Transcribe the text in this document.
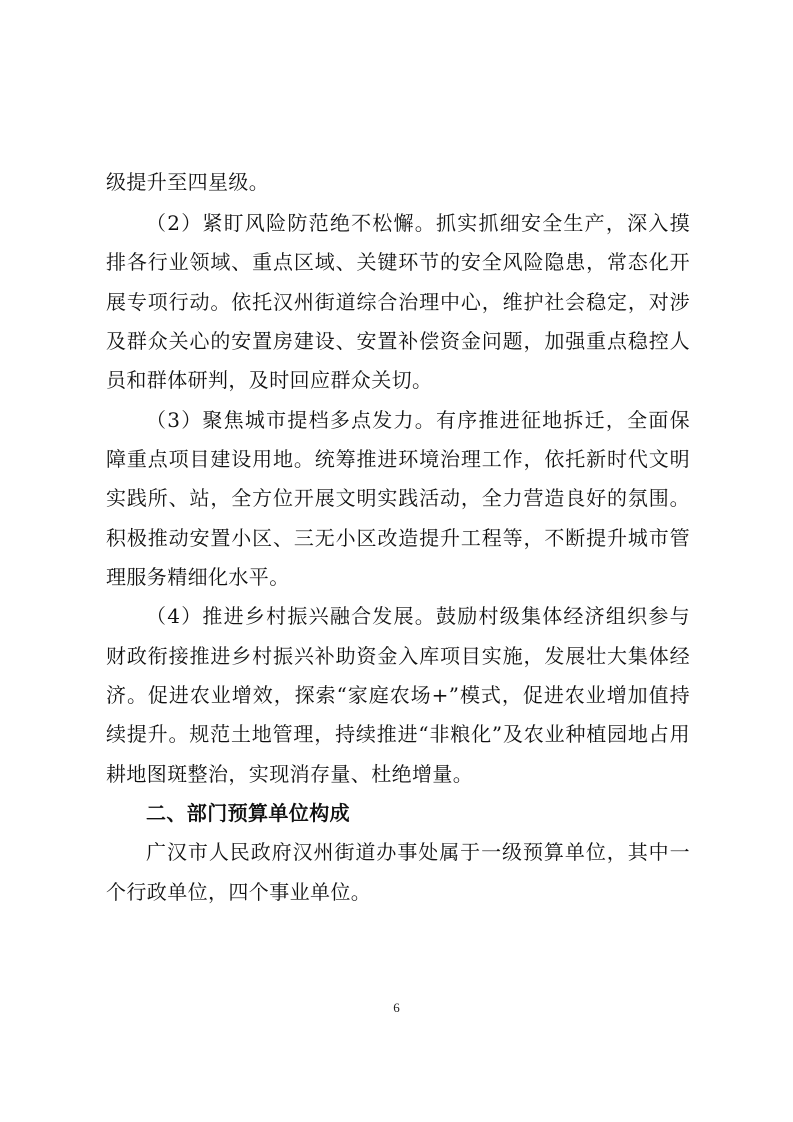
级提升至四星级。
（2）紧盯风险防范绝不松懈。抓实抓细安全生产，深入摸
排各行业领域、重点区域、关键环节的安全风险隐患，常态化开
展专项行动。依托汉州街道综合治理中心，维护社会稳定，对涉
及群众关心的安置房建设、安置补偿资金问题，加强重点稳控人
员和群体研判，及时回应群众关切。
（3）聚焦城市提档多点发力。有序推进征地拆迁，全面保
障重点项目建设用地。统筹推进环境治理工作，依托新时代文明
实践所、站，全方位开展文明实践活动，全力营造良好的氛围。
积极推动安置小区、三无小区改造提升工程等，不断提升城市管
理服务精细化水平。
（4）推进乡村振兴融合发展。鼓励村级集体经济组织参与
财政衔接推进乡村振兴补助资金入库项目实施，发展壮大集体经
济。促进农业增效，探索“家庭农场+”模式，促进农业增加值持
续提升。规范土地管理，持续推进“非粮化”及农业种植园地占用
耕地图斑整治，实现消存量、杜绝增量。
二、部门预算单位构成
广汉市人民政府汉州街道办事处属于一级预算单位，其中一
个行政单位，四个事业单位。
6
